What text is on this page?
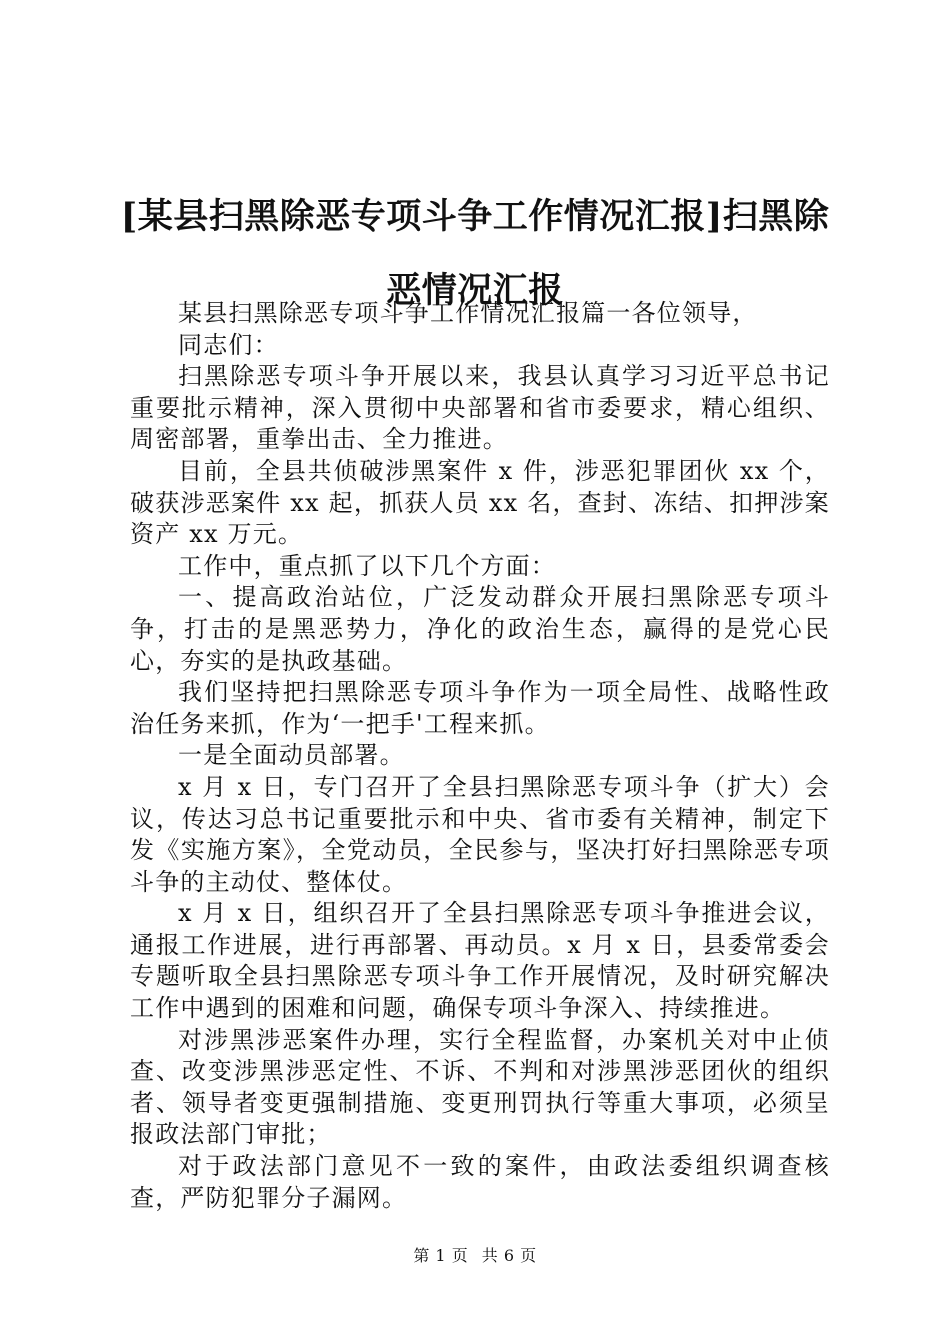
[某县扫黑除恶专项斗争工作情况汇报]扫黑除
恶情况汇报

某县扫黑除恶专项斗争工作情况汇报篇一各位领导，

同志们：

扫黑除恶专项斗争开展以来，我县认真学习习近平总书记重要批示精神，深入贯彻中央部署和省市委要求，精心组织、周密部署，重拳出击、全力推进。

目前，全县共侦破涉黑案件 x 件，涉恶犯罪团伙 xx 个，破获涉恶案件 xx 起，抓获人员 xx 名，查封、冻结、扣押涉案资产 xx 万元。

工作中，重点抓了以下几个方面：

一、提高政治站位，广泛发动群众开展扫黑除恶专项斗争，打击的是黑恶势力，净化的政治生态，赢得的是党心民心，夯实的是执政基础。

我们坚持把扫黑除恶专项斗争作为一项全局性、战略性政治任务来抓，作为‘一把手'工程来抓。

一是全面动员部署。

x 月 x 日，专门召开了全县扫黑除恶专项斗争（扩大）会议，传达习总书记重要批示和中央、省市委有关精神，制定下发《实施方案》，全党动员，全民参与，坚决打好扫黑除恶专项斗争的主动仗、整体仗。

x 月 x 日，组织召开了全县扫黑除恶专项斗争推进会议，通报工作进展，进行再部署、再动员。x 月 x 日，县委常委会专题听取全县扫黑除恶专项斗争工作开展情况，及时研究解决工作中遇到的困难和问题，确保专项斗争深入、持续推进。

对涉黑涉恶案件办理，实行全程监督，办案机关对中止侦查、改变涉黑涉恶定性、不诉、不判和对涉黑涉恶团伙的组织者、领导者变更强制措施、变更刑罚执行等重大事项，必须呈报政法部门审批；

对于政法部门意见不一致的案件，由政法委组织调查核查，严防犯罪分子漏网。

第 1 页 共 6 页
